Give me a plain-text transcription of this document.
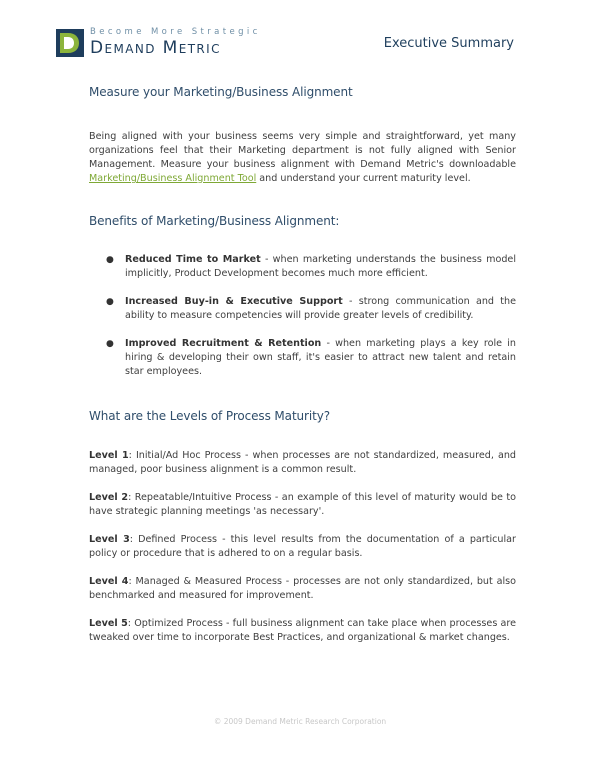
Become More Strategic
Demand Metric	Executive Summary
Measure your Marketing/Business Alignment

Being aligned with your business seems very simple and straightforward, yet many organizations feel that their Marketing department is not fully aligned with Senior Management. Measure your business alignment with Demand Metric's downloadable Marketing/Business Alignment Tool and understand your current maturity level.

Benefits of Marketing/Business Alignment:
● Reduced Time to Market - when marketing understands the business model implicitly, Product Development becomes much more efficient.
● Increased Buy-in & Executive Support - strong communication and the ability to measure competencies will provide greater levels of credibility.
● Improved Recruitment & Retention - when marketing plays a key role in hiring & developing their own staff, it's easier to attract new talent and retain star employees.
What are the Levels of Process Maturity?

Level 1: Initial/Ad Hoc Process - when processes are not standardized, measured, and managed, poor business alignment is a common result.

Level 2: Repeatable/Intuitive Process - an example of this level of maturity would be to have strategic planning meetings 'as necessary'.

Level 3: Defined Process - this level results from the documentation of a particular policy or procedure that is adhered to on a regular basis.

Level 4: Managed & Measured Process - processes are not only standardized, but also benchmarked and measured for improvement.

Level 5: Optimized Process - full business alignment can take place when processes are tweaked over time to incorporate Best Practices, and organizational & market changes.

© 2009 Demand Metric Research Corporation
